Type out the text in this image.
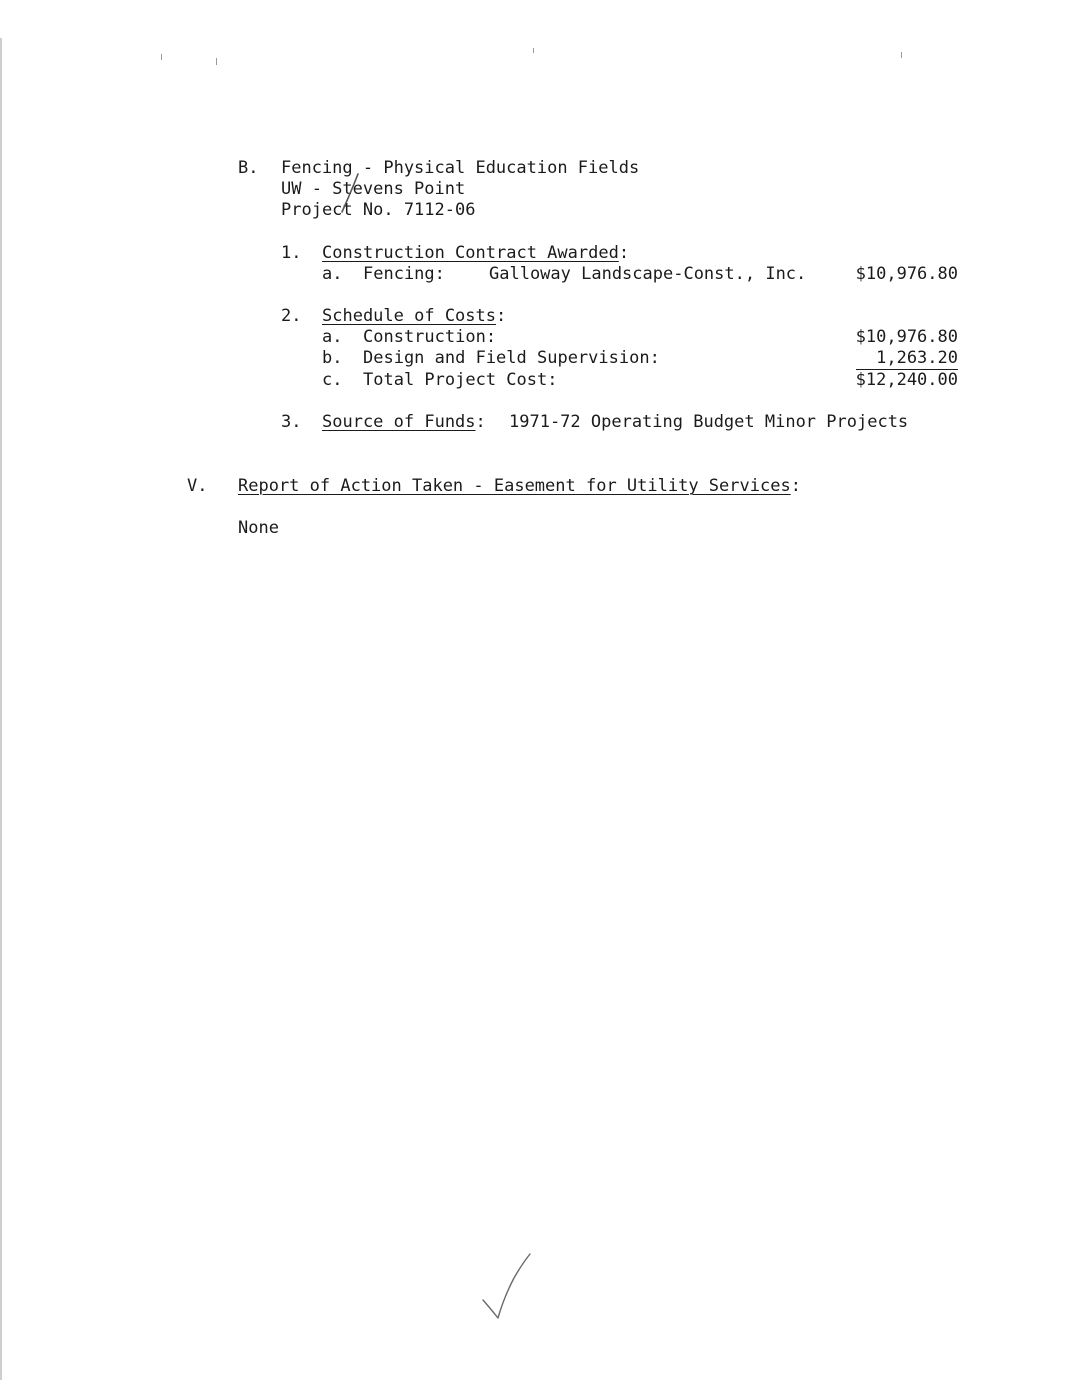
B. Fencing - Physical Education Fields
UW - Stevens Point
Project No. 7112-06
1. Construction Contract Awarded:
a. Fencing:	Galloway Landscape-Const., Inc.	$10,976.80
2. Schedule of Costs:
a. Construction:	$10,976.80
b. Design and Field Supervision:	1,263.20
c. Total Project Cost:	$12,240.00
3. Source of Funds: 1971-72 Operating Budget Minor Projects
V. Report of Action Taken - Easement for Utility Services:
None
